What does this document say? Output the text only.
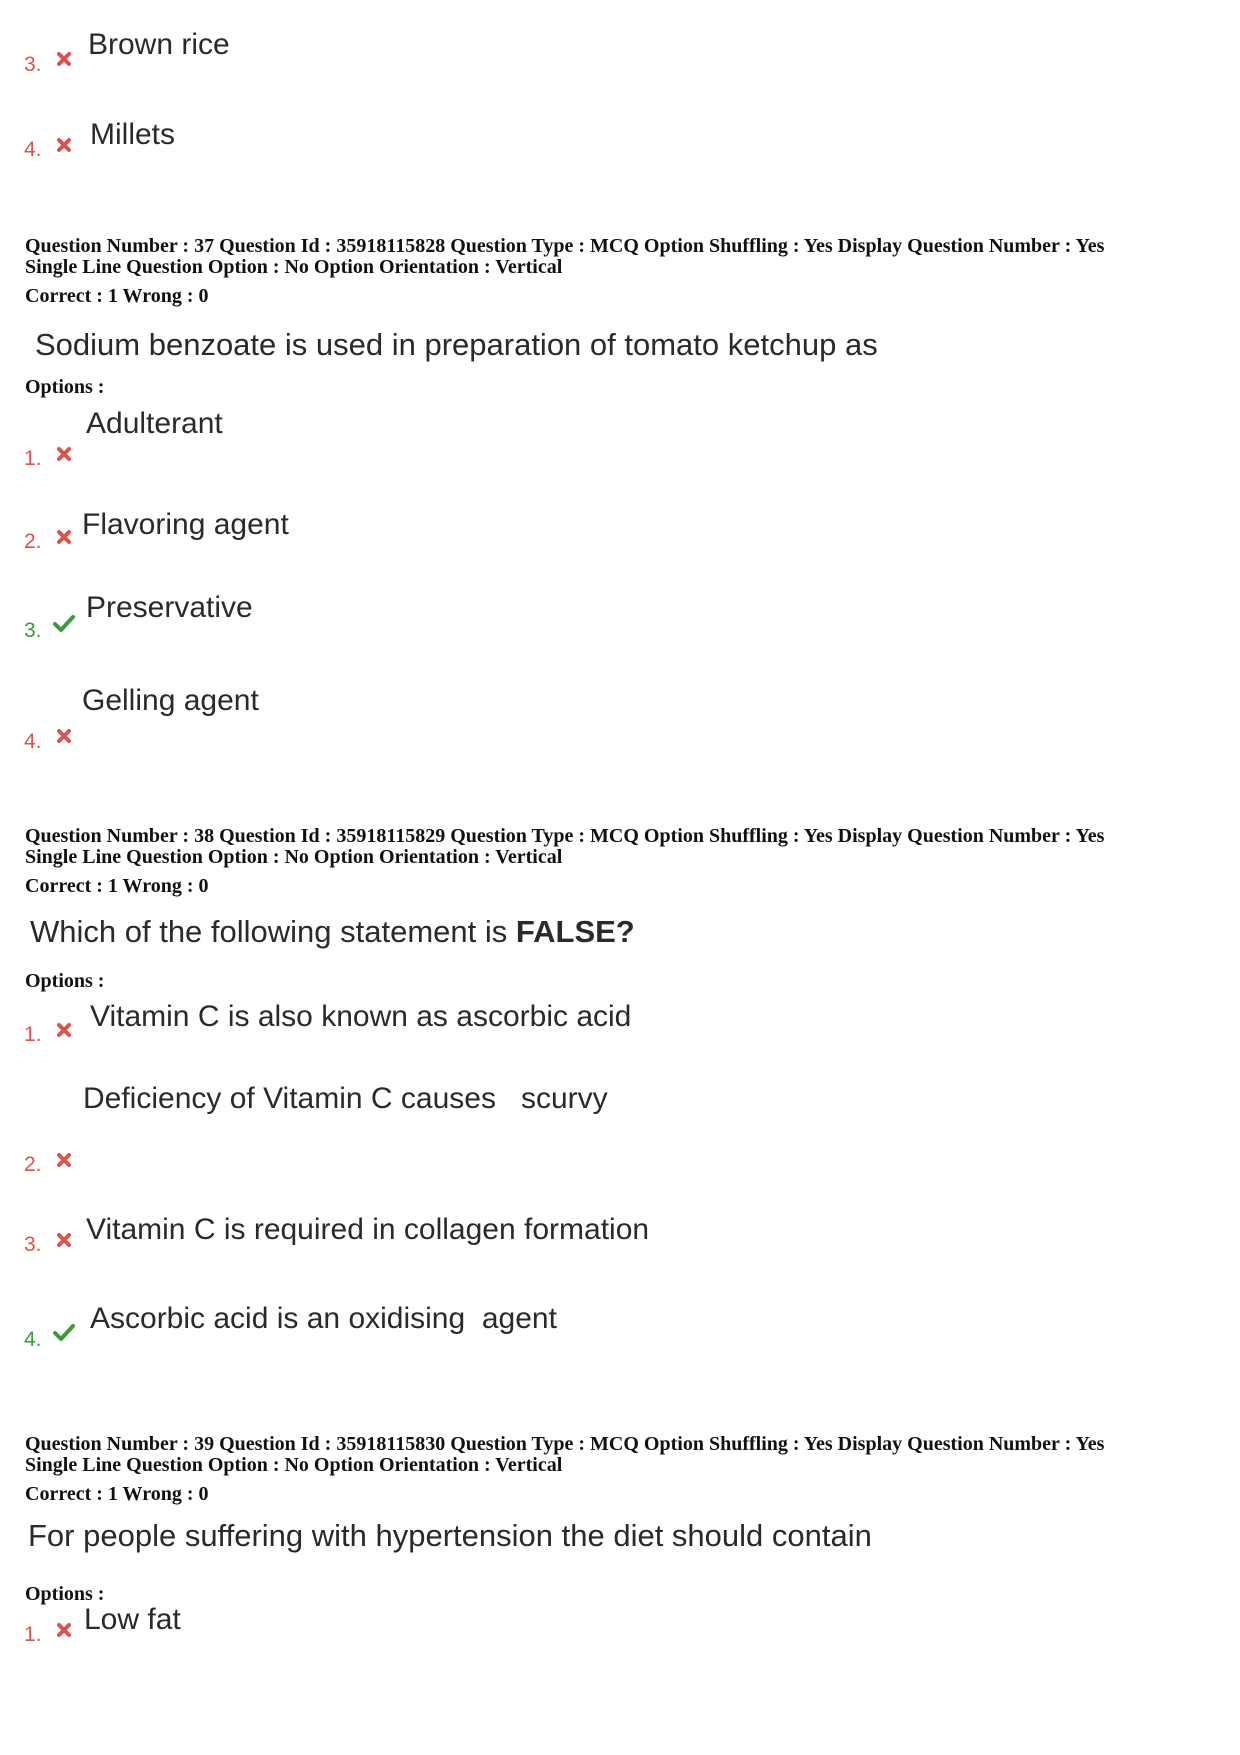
3.
Brown rice
4. Millets
Question Number : 37 Question Id : 35918115828 Question Type : MCQ Option Shuffling : Yes Display Question Number : Yes
Single Line Question Option : No Option Orientation : Vertical
Correct : 1 Wrong : 0
Sodium benzoate is used in preparation of tomato ketchup as
Options :
1.
Adulterant
2.
Flavoring agent
3.
Preservative
4.
Gelling agent
Question Number : 38 Question Id : 35918115829 Question Type : MCQ Option Shuffling : Yes Display Question Number : Yes
Single Line Question Option : No Option Orientation : Vertical
Correct : 1 Wrong : 0
Which of the following statement is FALSE?
Options :
1.
Vitamin C is also known as ascorbic acid
2.
Deficiency of Vitamin C causes   scurvy
3. Vitamin C is required in collagen formation
4.
Ascorbic acid is an oxidising  agent
Question Number : 39 Question Id : 35918115830 Question Type : MCQ Option Shuffling : Yes Display Question Number : Yes
Single Line Question Option : No Option Orientation : Vertical
Correct : 1 Wrong : 0
For people suffering with hypertension the diet should contain
Options :
1. Low fat
